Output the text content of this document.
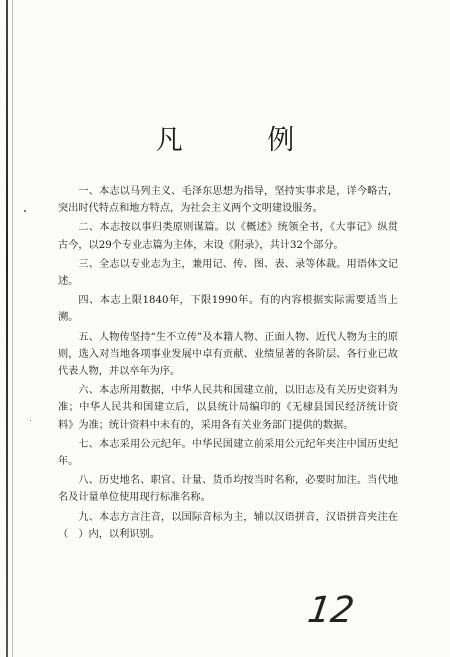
凡 例

一、本志以马列主义、毛泽东思想为指导，坚持实事求是，详今略古，突出时代特点和地方特点，为社会主义两个文明建设服务。

二、本志按以事归类原则谋篇。以《概述》统领全书，《大事记》纵贯古今，以29个专业志篇为主体，末设《附录》，共计32个部分。

三、全志以专业志为主，兼用记、传、图、表、录等体裁。用语体文记述。

四、本志上限1840年，下限1990年。有的内容根据实际需要适当上溯。

五、人物传坚持“生不立传”及本籍人物、正面人物、近代人物为主的原则，选入对当地各项事业发展中卓有贡献、业绩显著的各阶层、各行业已故代表人物，并以卒年为序。

六、本志所用数据，中华人民共和国建立前，以旧志及有关历史资料为准；中华人民共和国建立后，以县统计局编印的《无棣县国民经济统计资料》为准；统计资料中未有的，采用各有关业务部门提供的数据。

七、本志采用公元纪年。中华民国建立前采用公元纪年夹注中国历史纪年。

八、历史地名、职官、计量、货币均按当时名称，必要时加注。当代地名及计量单位使用现行标准名称。

九、本志方言注音，以国际音标为主，辅以汉语拼音，汉语拼音夹注在（　）内，以利识别。

12
